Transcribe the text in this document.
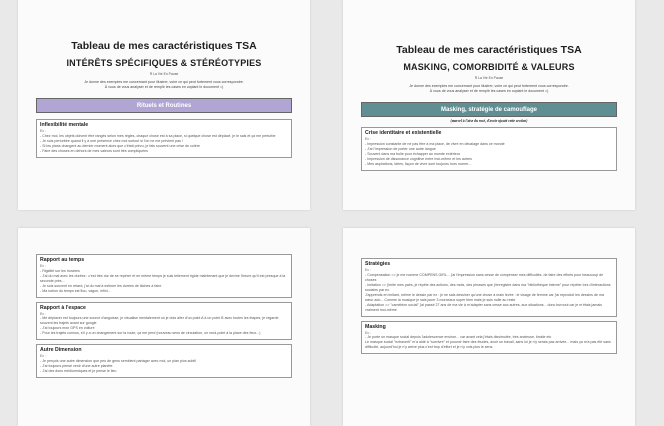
Tableau de mes caractéristiques TSA
INTÉRÊTS SPÉCIFIQUES & STÉRÉOTYPIES
R La Vie En Pause
Je donne des exemples me concernant pour illustrer, voire ce qui peut fortement vous correspondre.
À vous de vous analyser et de remplir les cases en copiant le document =)
Rituels et Routines
Inflexibilité mentale
Ex :
- Chez moi, les objets doivent être rangés selon mes règles, chaque chose est à sa place, si quelque chose est déplacé, je le sais et ça me perturbe
- Je suis perturbée quand il y a une présence chez moi surtout si l'on ne me prévient pas !
- Si les plans changent au dernier moment alors que c'était prévu, je fais souvent une crise de colère
- Faire des choses en dehors de mes valeurs sont très compliquées
Tableau de mes caractéristiques TSA
MASKING, COMORBIDITÉ & VALEURS
R La Vie En Pause
Je donne des exemples me concernant pour illustrer, voire ce qui peut fortement vous correspondre.
À vous de vous analyser et de remplir les cases en copiant le document =)
Masking, stratégie de camouflage
(marcel à l'aise du rosé, d'avoir ajouté cette section)
Crise identitaire et existentielle
Ex :
- Impression constante de ne pas être à ma place, de vivre en décalage dans ce monde
- J'ai l'impression de porter une autre langue
- Souvent dans ma bulle pour échapper au monde extérieur
- Impression de dissonance cognitive entre moi-même et les autres
- Mes aspirations, idées, façon de vivre sont toujours hors norme...
Rapport au temps
Ex :
- Rigidité sur les horaires
- J'ai du mal avec les durées : c'est très dur de se repérer et en même temps je suis tellement rigide maintenant que je devine l'heure qu'il est presque à la seconde près...
- Je suis souvent en retard, j'ai du mal à estimer les durées de tâches à faire
- Ma notion du temps est flou, vague, infini...
Rapport à l'espace
Ex :
- Me déplacer est toujours une source d'angoisse, je visualise mentalement où je dois aller d'un point A à un point B avec toutes les étapes, je regarde souvent les trajets avant sur google
- J'ai toujours mon GPS en voiture
- Pour les trajets connus, s'il y a un changement sur la route, ça me perd (nouveau sens de circulation, un rond-point à la place des feux...)
Autre Dimension
Ex :
- Je perçois une autre dimension que peu de gens semblent partager avec moi, un plan plus subtil
- J'ai toujours pensé venir d'une autre planète
- J'ai des dons médiumniques et je pense le lieu
Stratégies
Ex :
- Compensation => je me nomme COMPENS GIRL... j'ai l'impression sans cesse de compenser mes difficultés, de faire des efforts pour beaucoup de choses
- Imitation => j'imite mes pairs, je répète des actions, des mots, des phrases que j'enregistre dans ma "bibliothèque interne" pour répéter lors d'interactions sociales par ex.
J'apprends en imitant, même le dessin par ex : je ne sais dessiner qu'une chose à main levée : le visage de femme car j'ai reproduit les dessins de ma sœur ado... Comme la musique je sais jouer 3 morceaux super bien mais je suis nulle au reste
- Adaptation => "caméléon social" j'ai passé 27 ans de ma vie à m'adapter sans cesse aux autres, aux situations... donc burnout car je m'étais jamais vraiment moi-même
Masking
Ex :
- Je porte un masque social depuis l'adolescence environ... car avant cela j'étais dissimulée, très anxieuse, timide etc
Le masque social "extraverti" m'a aidé à "survivre" et pouvoir faire des études, avoir un travail, sans lui je n'y serais pas arrivée... mais ça m'a pas été sans difficulté, aujourd'hui je n'y arrive plus c'est trop d'effort et je n'y vois plus le sens.
